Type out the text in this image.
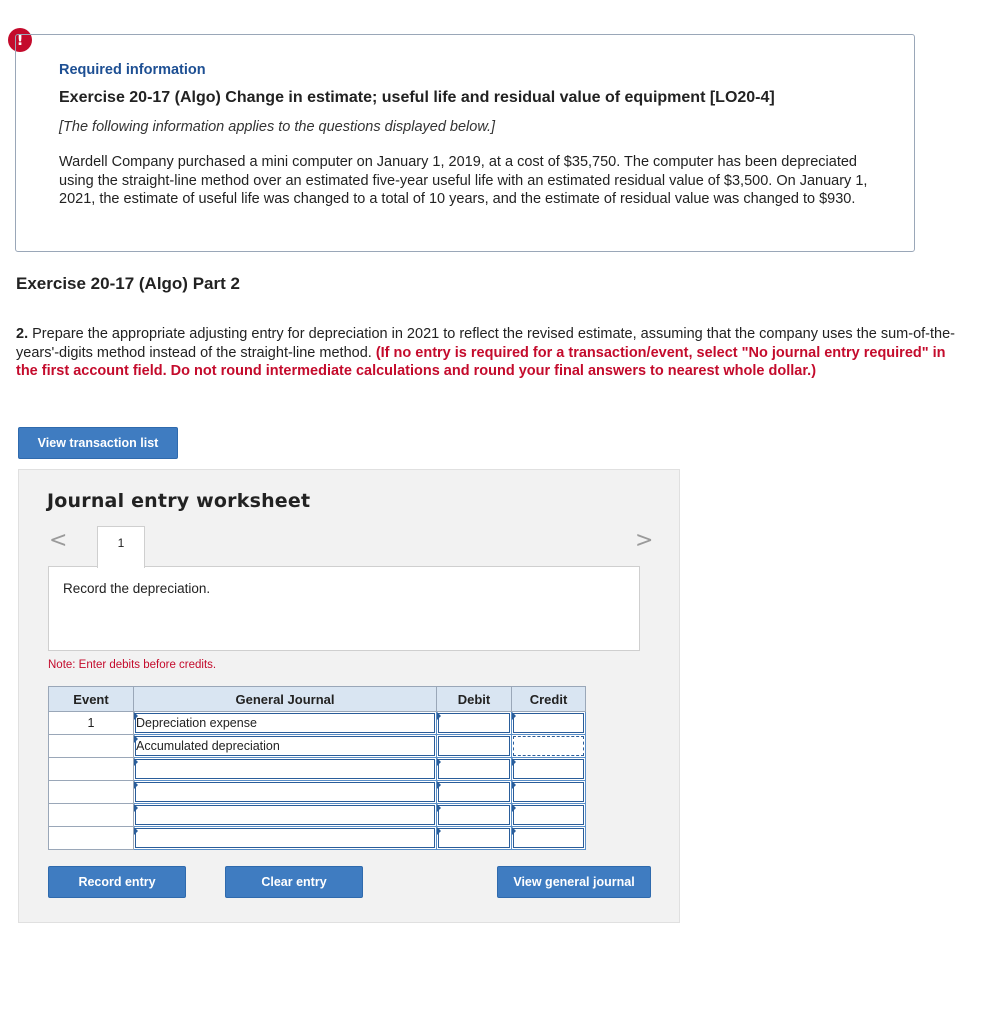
!
Required information
Exercise 20-17 (Algo) Change in estimate; useful life and residual value of equipment [LO20-4]
[The following information applies to the questions displayed below.]
Wardell Company purchased a mini computer on January 1, 2019, at a cost of $35,750. The computer has been depreciated using the straight-line method over an estimated five-year useful life with an estimated residual value of $3,500. On January 1, 2021, the estimate of useful life was changed to a total of 10 years, and the estimate of residual value was changed to $930.
Exercise 20-17 (Algo) Part 2
2. Prepare the appropriate adjusting entry for depreciation in 2021 to reflect the revised estimate, assuming that the company uses the sum-of-the-years'-digits method instead of the straight-line method. (If no entry is required for a transaction/event, select "No journal entry required" in the first account field. Do not round intermediate calculations and round your final answers to nearest whole dollar.)
View transaction list
Journal entry worksheet
<	>
1
Record the depreciation.
Note: Enter debits before credits.
Event	General Journal	Debit	Credit
1	Depreciation expense		

	Accumulated depreciation		

Record entry	Clear entry	View general journal
